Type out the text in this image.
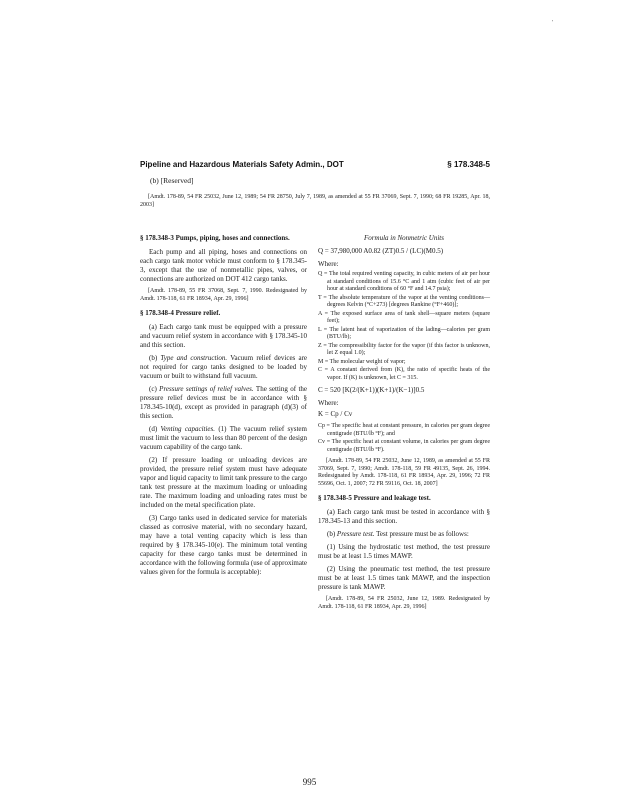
'
Pipeline and Hazardous Materials Safety Admin., DOT	§ 178.348-5
(b) [Reserved]
[Amdt. 178-89, 54 FR 25032, June 12, 1989; 54 FR 28750, July 7, 1989, as amended at 55 FR 37069, Sept. 7, 1990; 68 FR 19285, Apr. 18, 2003]
§ 178.348-3 Pumps, piping, hoses and connections.

Each pump and all piping, hoses and connections on each cargo tank motor vehicle must conform to § 178.345-3, except that the use of nonmetallic pipes, valves, or connections are authorized on DOT 412 cargo tanks.

[Amdt. 178-89, 55 FR 37068, Sept. 7, 1990. Redesignated by Amdt. 178-118, 61 FR 18934, Apr. 29, 1996]

§ 178.348-4 Pressure relief.

(a) Each cargo tank must be equipped with a pressure and vacuum relief system in accordance with § 178.345-10 and this section.

(b) Type and construction. Vacuum relief devices are not required for cargo tanks designed to be loaded by vacuum or built to withstand full vacuum.

(c) Pressure settings of relief valves. The setting of the pressure relief devices must be in accordance with § 178.345-10(d), except as provided in paragraph (d)(3) of this section.

(d) Venting capacities. (1) The vacuum relief system must limit the vacuum to less than 80 percent of the design vacuum capability of the cargo tank.

(2) If pressure loading or unloading devices are provided, the pressure relief system must have adequate vapor and liquid capacity to limit tank pressure to the cargo tank test pressure at the maximum loading or unloading rate. The maximum loading and unloading rates must be included on the metal specification plate.

(3) Cargo tanks used in dedicated service for materials classed as corrosive material, with no secondary hazard, may have a total venting capacity which is less than required by § 178.345-10(e). The minimum total venting capacity for these cargo tanks must be determined in accordance with the following formula (use of approximate values given for the formula is acceptable):

Formula in Nonmetric Units

Q = 37,980,000 A0.82 (ZT)0.5 / (LC)(M0.5)

Where:

Q = The total required venting capacity, in cubic meters of air per hour at standard conditions of 15.6 °C and 1 atm (cubic feet of air per hour at standard conditions of 60 °F and 14.7 psia);
T = The absolute temperature of the vapor at the venting conditions—degrees Kelvin (°C+273) [degrees Rankine (°F+460)];
A = The exposed surface area of tank shell—square meters (square feet);
L = The latent heat of vaporization of the lading—calories per gram (BTU/lb);
Z = The compressibility factor for the vapor (if this factor is unknown, let Z equal 1.0);
M = The molecular weight of vapor;
C = A constant derived from (K), the ratio of specific heats of the vapor. If (K) is unknown, let C = 315.

C = 520 [K(2/(K+1))(K+1)/(K−1)]0.5

Where:

K = Cp / Cv

Cp = The specific heat at constant pressure, in calories per gram degree centigrade (BTU/lb °F); and
Cv = The specific heat at constant volume, in calories per gram degree centigrade (BTU/lb °F).

[Amdt. 178-89, 54 FR 25032, June 12, 1989, as amended at 55 FR 37069, Sept. 7, 1990; Amdt. 178-118, 59 FR 49135, Sept. 26, 1994. Redesignated by Amdt. 178-118, 61 FR 18934, Apr. 29, 1996; 72 FR 55696, Oct. 1, 2007; 72 FR 59116, Oct. 18, 2007]

§ 178.348-5 Pressure and leakage test.

(a) Each cargo tank must be tested in accordance with § 178.345-13 and this section.

(b) Pressure test. Test pressure must be as follows:

(1) Using the hydrostatic test method, the test pressure must be at least 1.5 times MAWP.

(2) Using the pneumatic test method, the test pressure must be at least 1.5 times tank MAWP, and the inspection pressure is tank MAWP.

[Amdt. 178-89, 54 FR 25032, June 12, 1989. Redesignated by Amdt. 178-118, 61 FR 18934, Apr. 29, 1996]

995
